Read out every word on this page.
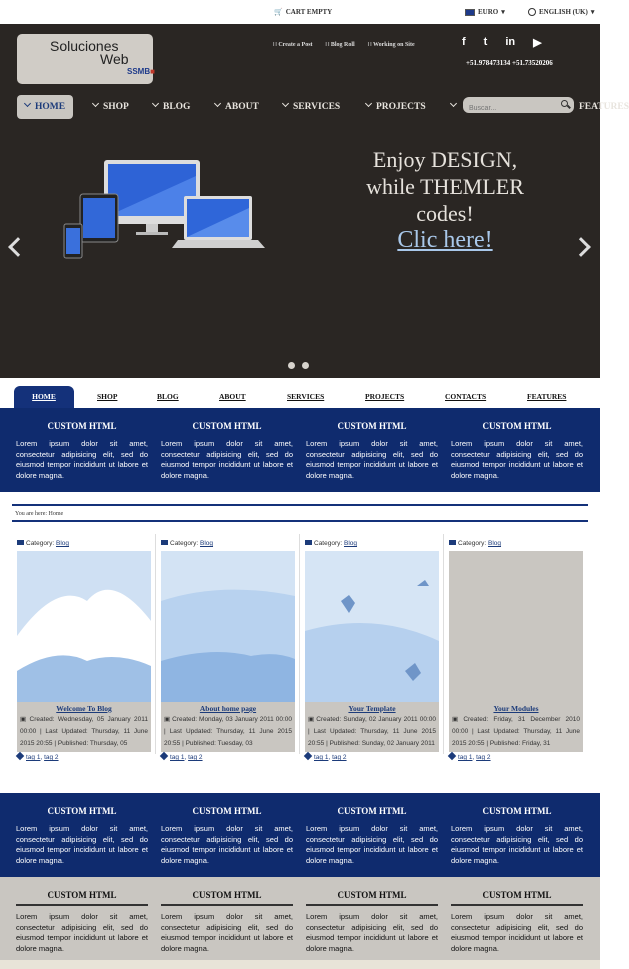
🛒 CART EMPTY	EURO ▾	ENGLISH (UK) ▾
Soluciones
Web
SSMB■
∷ Create a Post	∷ Blog Roll	∷ Working on Site	f t in ▶
+51.978473134 +51.73520206
HOME	SHOP	BLOG	ABOUT	SERVICES	PROJECTS	FEATURES
Buscar...
Enjoy DESIGN,
while THEMLER
codes!
Clic here!
HOME	SHOP	BLOG	ABOUT	SERVICES	PROJECTS	CONTACTS	FEATURES
CUSTOM HTML

Lorem ipsum dolor sit amet, consectetur adipisicing elit, sed do eiusmod tempor incididunt ut labore et dolore magna.

CUSTOM HTML

Lorem ipsum dolor sit amet, consectetur adipisicing elit, sed do eiusmod tempor incididunt ut labore et dolore magna.

CUSTOM HTML

Lorem ipsum dolor sit amet, consectetur adipisicing elit, sed do eiusmod tempor incididunt ut labore et dolore magna.

CUSTOM HTML

Lorem ipsum dolor sit amet, consectetur adipisicing elit, sed do eiusmod tempor incididunt ut labore et dolore magna.

You are here: Home
Category: Blog
Welcome To Blog
▣ Created: Wednesday, 05 January 2011 00:00 | Last Updated: Thursday, 11 June 2015 20:55 | Published: Thursday, 05
tag 1, tag 2
Category: Blog
About home page
▣ Created: Monday, 03 January 2011 00:00 | Last Updated: Thursday, 11 June 2015 20:55 | Published: Tuesday, 03
tag 1, tag 2
Category: Blog
Your Template
▣ Created: Sunday, 02 January 2011 00:00 | Last Updated: Thursday, 11 June 2015 20:55 | Published: Sunday, 02 January 2011
tag 1, tag 2
Category: Blog
Your Modules
▣ Created: Friday, 31 December 2010 00:00 | Last Updated: Thursday, 11 June 2015 20:55 | Published: Friday, 31
tag 1, tag 2
CUSTOM HTML

Lorem ipsum dolor sit amet, consectetur adipisicing elit, sed do eiusmod tempor incididunt ut labore et dolore magna.

CUSTOM HTML

Lorem ipsum dolor sit amet, consectetur adipisicing elit, sed do eiusmod tempor incididunt ut labore et dolore magna.

CUSTOM HTML

Lorem ipsum dolor sit amet, consectetur adipisicing elit, sed do eiusmod tempor incididunt ut labore et dolore magna.

CUSTOM HTML

Lorem ipsum dolor sit amet, consectetur adipisicing elit, sed do eiusmod tempor incididunt ut labore et dolore magna.

CUSTOM HTML

Lorem ipsum dolor sit amet, consectetur adipisicing elit, sed do eiusmod tempor incididunt ut labore et dolore magna.

CUSTOM HTML

Lorem ipsum dolor sit amet, consectetur adipisicing elit, sed do eiusmod tempor incididunt ut labore et dolore magna.

CUSTOM HTML

Lorem ipsum dolor sit amet, consectetur adipisicing elit, sed do eiusmod tempor incididunt ut labore et dolore magna.

CUSTOM HTML

Lorem ipsum dolor sit amet, consectetur adipisicing elit, sed do eiusmod tempor incididunt ut labore et dolore magna.
